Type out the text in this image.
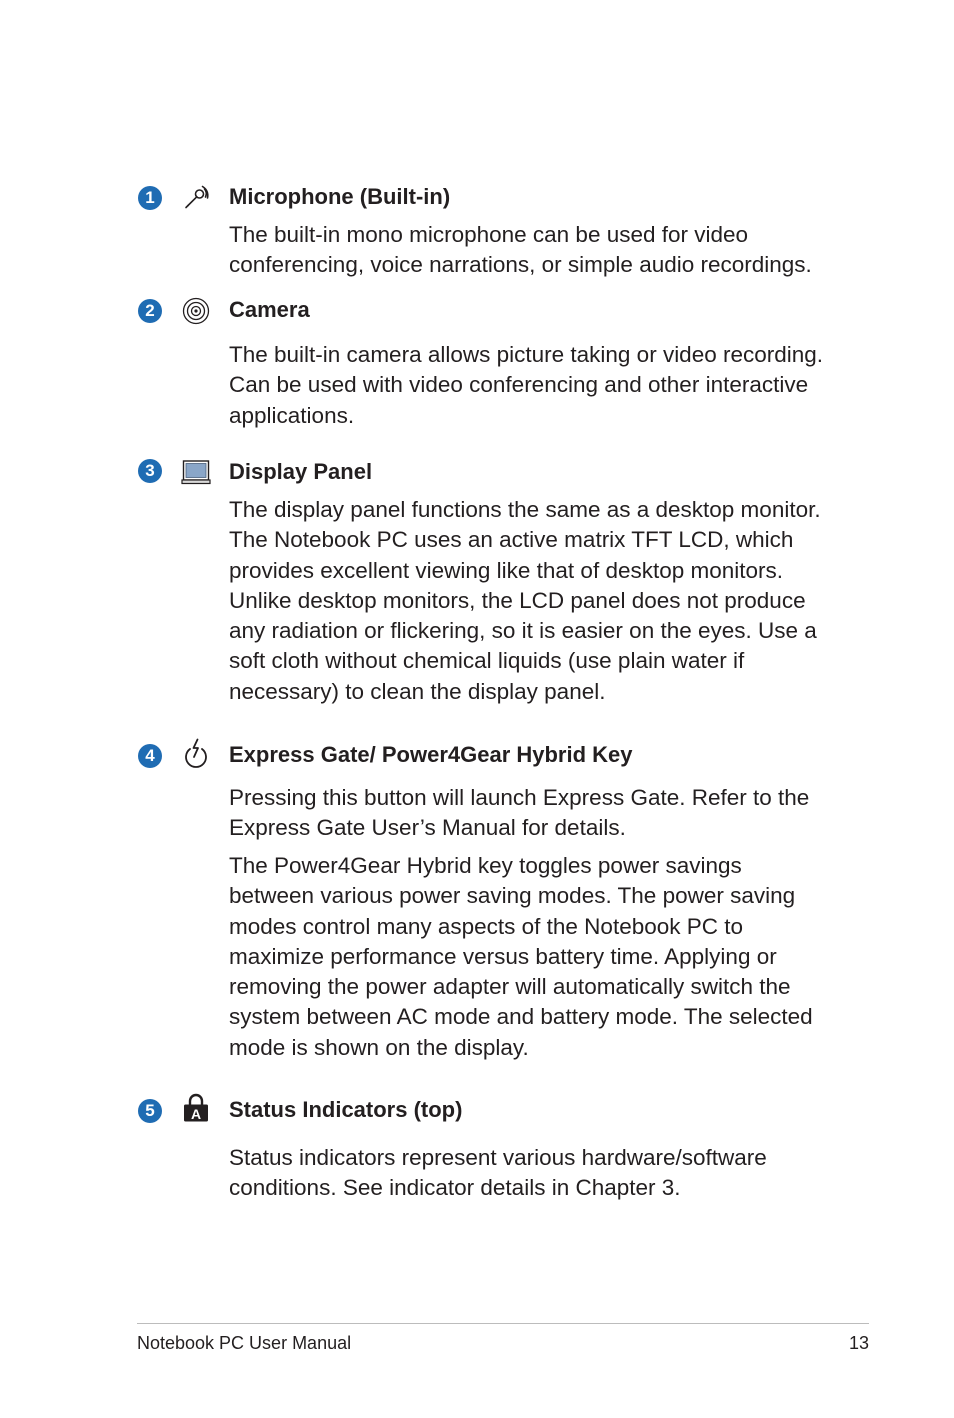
1	Microphone (Built-in)

The built-in mono microphone can be used for video conferencing, voice narrations, or simple audio recordings.

2	Camera

The built-in camera allows picture taking or video recording. Can be used with video conferencing and other interactive applications.

3	Display Panel

The display panel functions the same as a desktop monitor. The Notebook PC uses an active matrix TFT LCD, which provides excellent viewing like that of desktop monitors. Unlike desktop monitors, the LCD panel does not produce any radiation or flickering, so it is easier on the eyes. Use a soft cloth without chemical liquids (use plain water if necessary) to clean the display panel.

4	Express Gate/ Power4Gear Hybrid Key

Pressing this button will launch Express Gate. Refer to the Express Gate User’s Manual for details.

The Power4Gear Hybrid key toggles power savings between various power saving modes. The power saving modes control many aspects of the Notebook PC to maximize performance versus battery time. Applying or removing the power adapter will automatically switch the system between AC mode and battery mode. The selected mode is shown on the display.

5	A Status Indicators (top)

Status indicators represent various hardware/software conditions. See indicator details in Chapter 3.

Notebook PC User Manual	13
